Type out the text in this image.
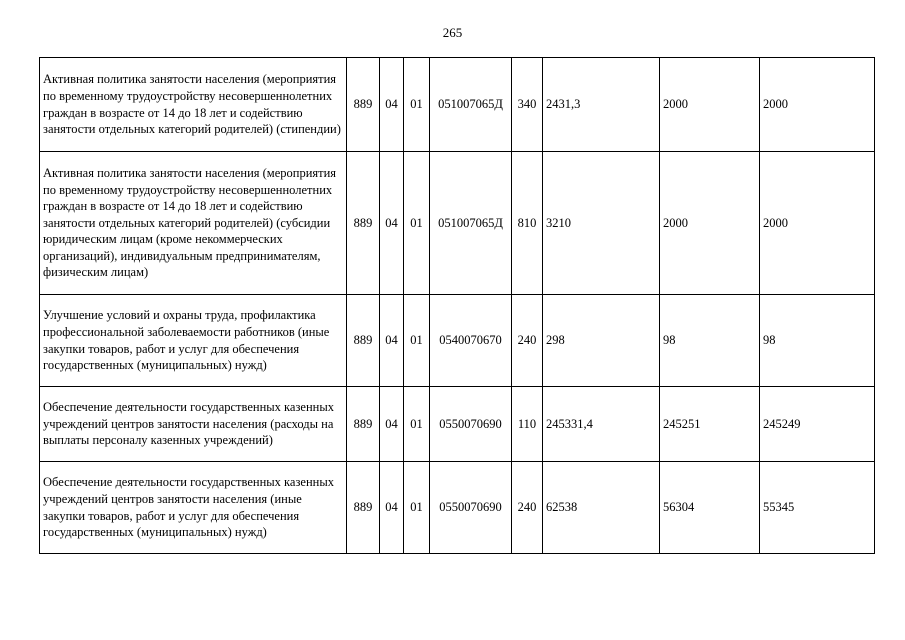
265
Активная политика занятости населения (мероприятия по временному трудоустройству несовершеннолетних граждан в возрасте от 14 до 18 лет и содействию занятости отдельных категорий родителей) (стипендии)	889	04	01	051007065Д	340	2431,3	2000	2000
Активная политика занятости населения (мероприятия по временному трудоустройству несовершеннолетних граждан в возрасте от 14 до 18 лет и содействию занятости отдельных категорий родителей) (субсидии юридическим лицам (кроме некоммерческих организаций), индивидуальным предпринимателям, физическим лицам)	889	04	01	051007065Д	810	3210	2000	2000
Улучшение условий и охраны труда, профилактика профессиональной заболеваемости работников (иные закупки товаров, работ и услуг для обеспечения государственных (муниципальных) нужд)	889	04	01	0540070670	240	298	98	98
Обеспечение деятельности государственных казенных учреждений центров занятости населения (расходы на выплаты персоналу казенных учреждений)	889	04	01	0550070690	110	245331,4	245251	245249
Обеспечение деятельности государственных казенных учреждений центров занятости населения (иные закупки товаров, работ и услуг для обеспечения государственных (муниципальных) нужд)	889	04	01	0550070690	240	62538	56304	55345
